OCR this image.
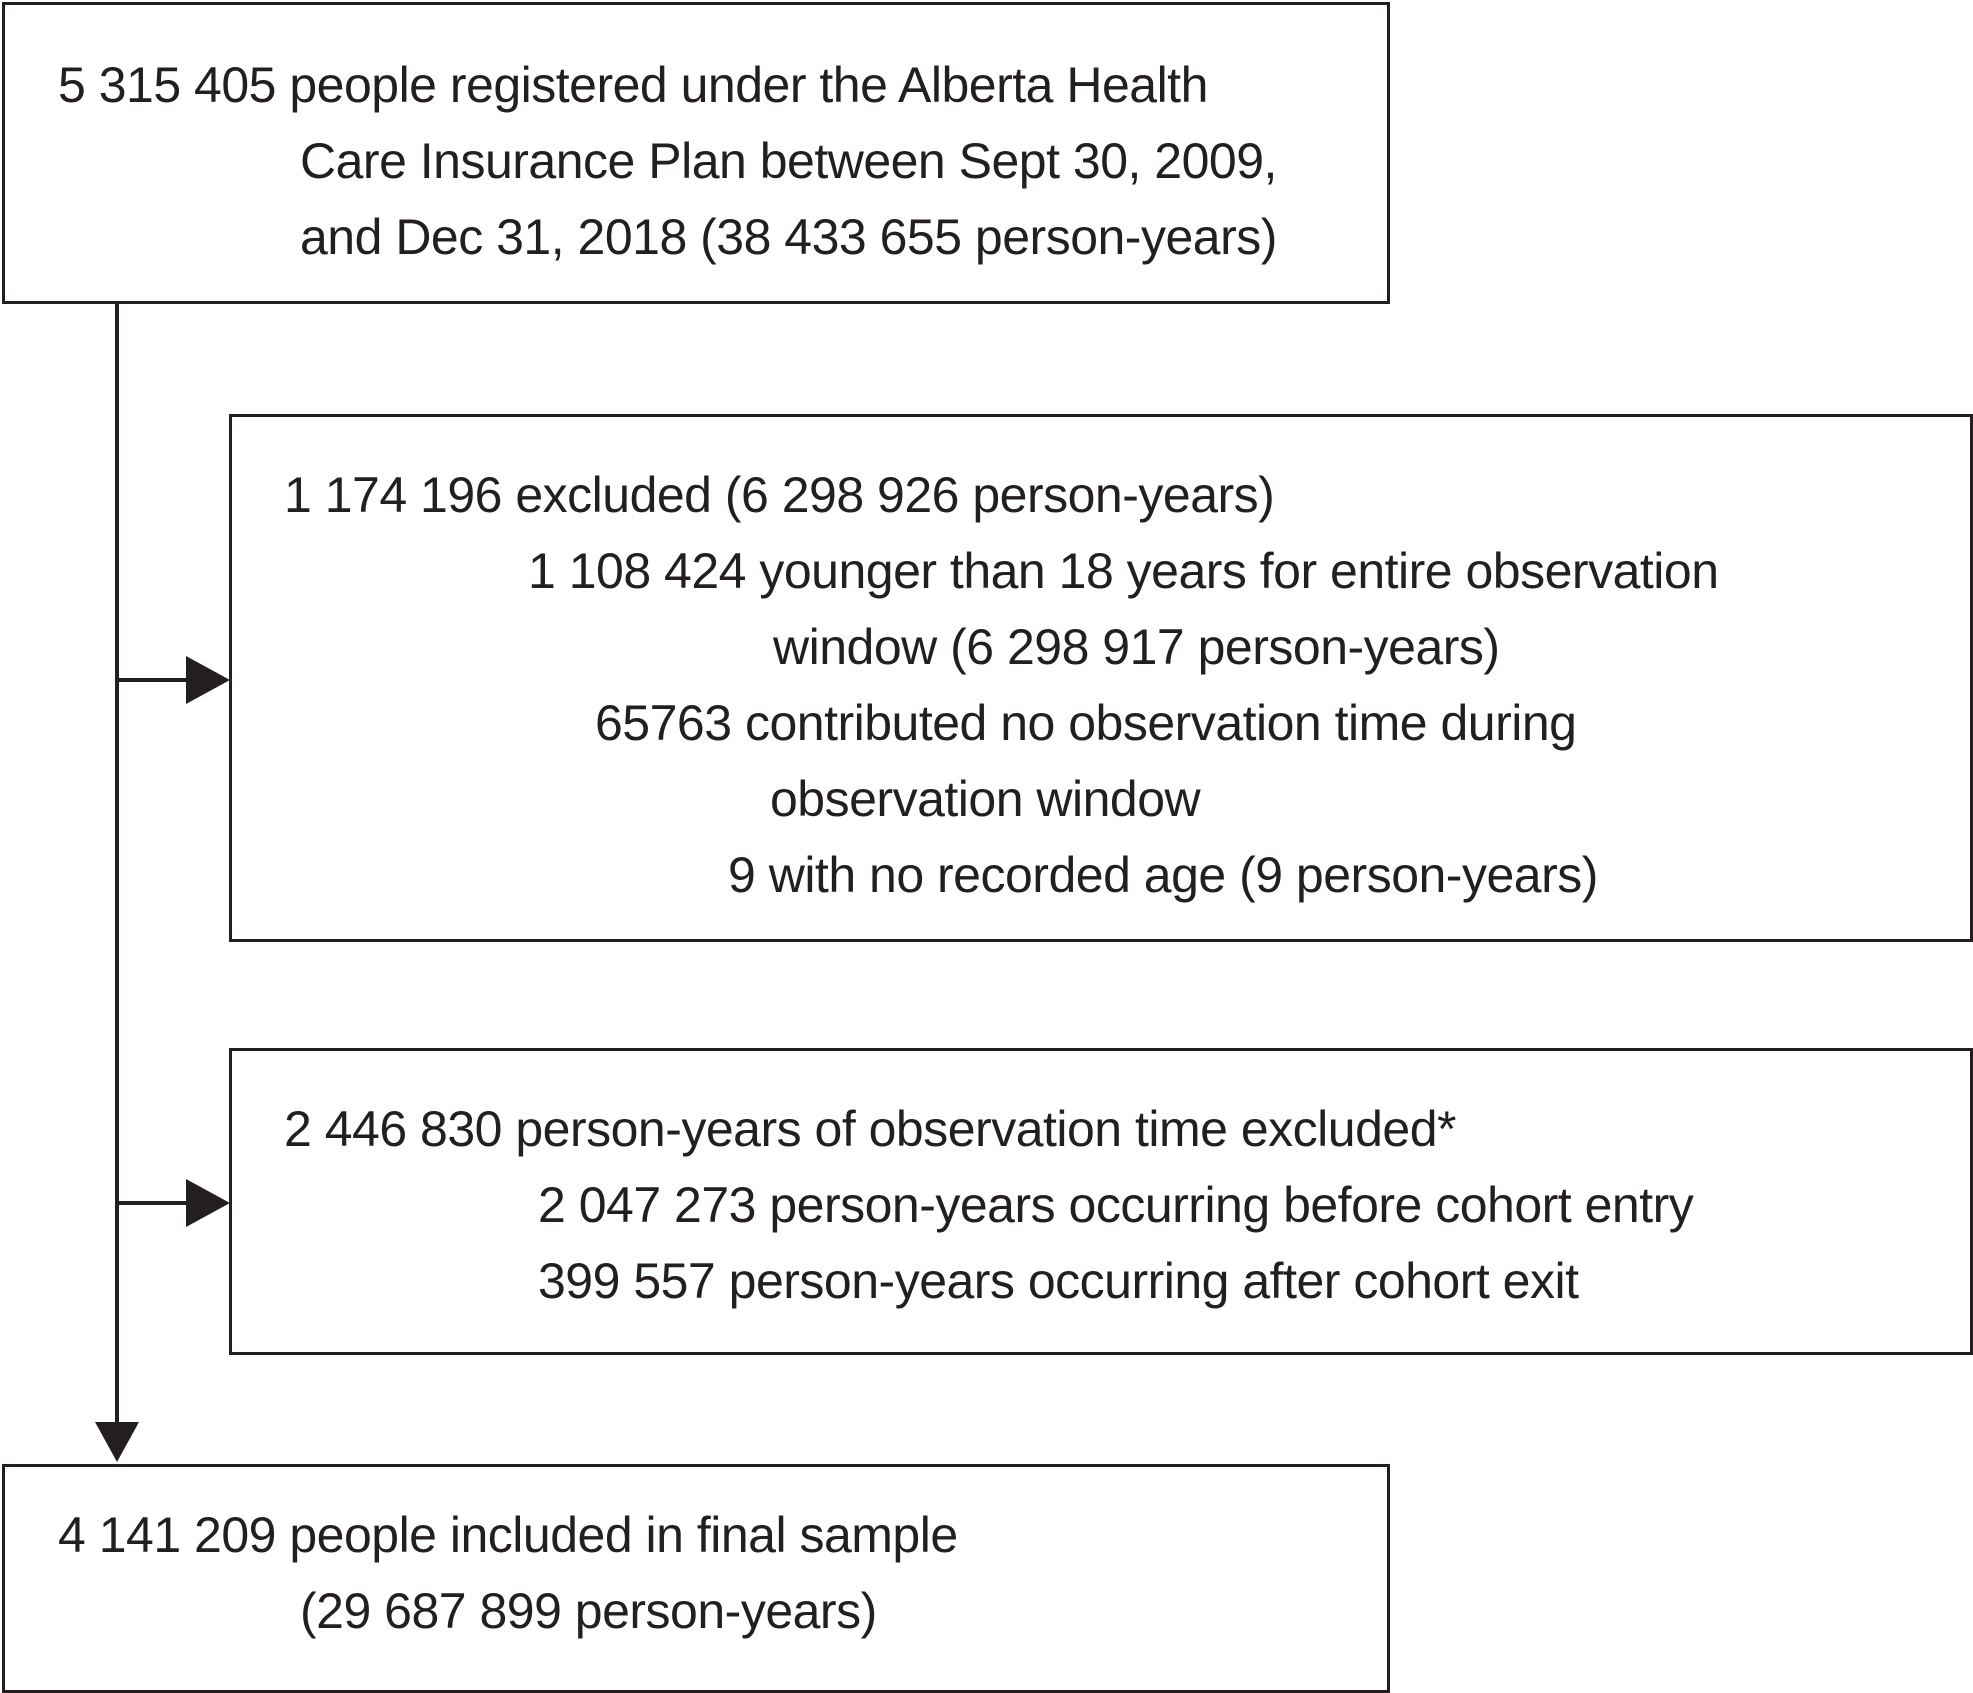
5 315 405 people registered under the Alberta Health

Care Insurance Plan between Sept 30, 2009,

and Dec 31, 2018 (38 433 655 person-years)

1 174 196 excluded (6 298 926 person-years)

1 108 424 younger than 18 years for entire observation

window (6 298 917 person-years)

65763 contributed no observation time during

observation window

9 with no recorded age (9 person-years)

2 446 830 person-years of observation time excluded*

2 047 273 person-years occurring before cohort entry

399 557 person-years occurring after cohort exit

4 141 209 people included in final sample

(29 687 899 person-years)
